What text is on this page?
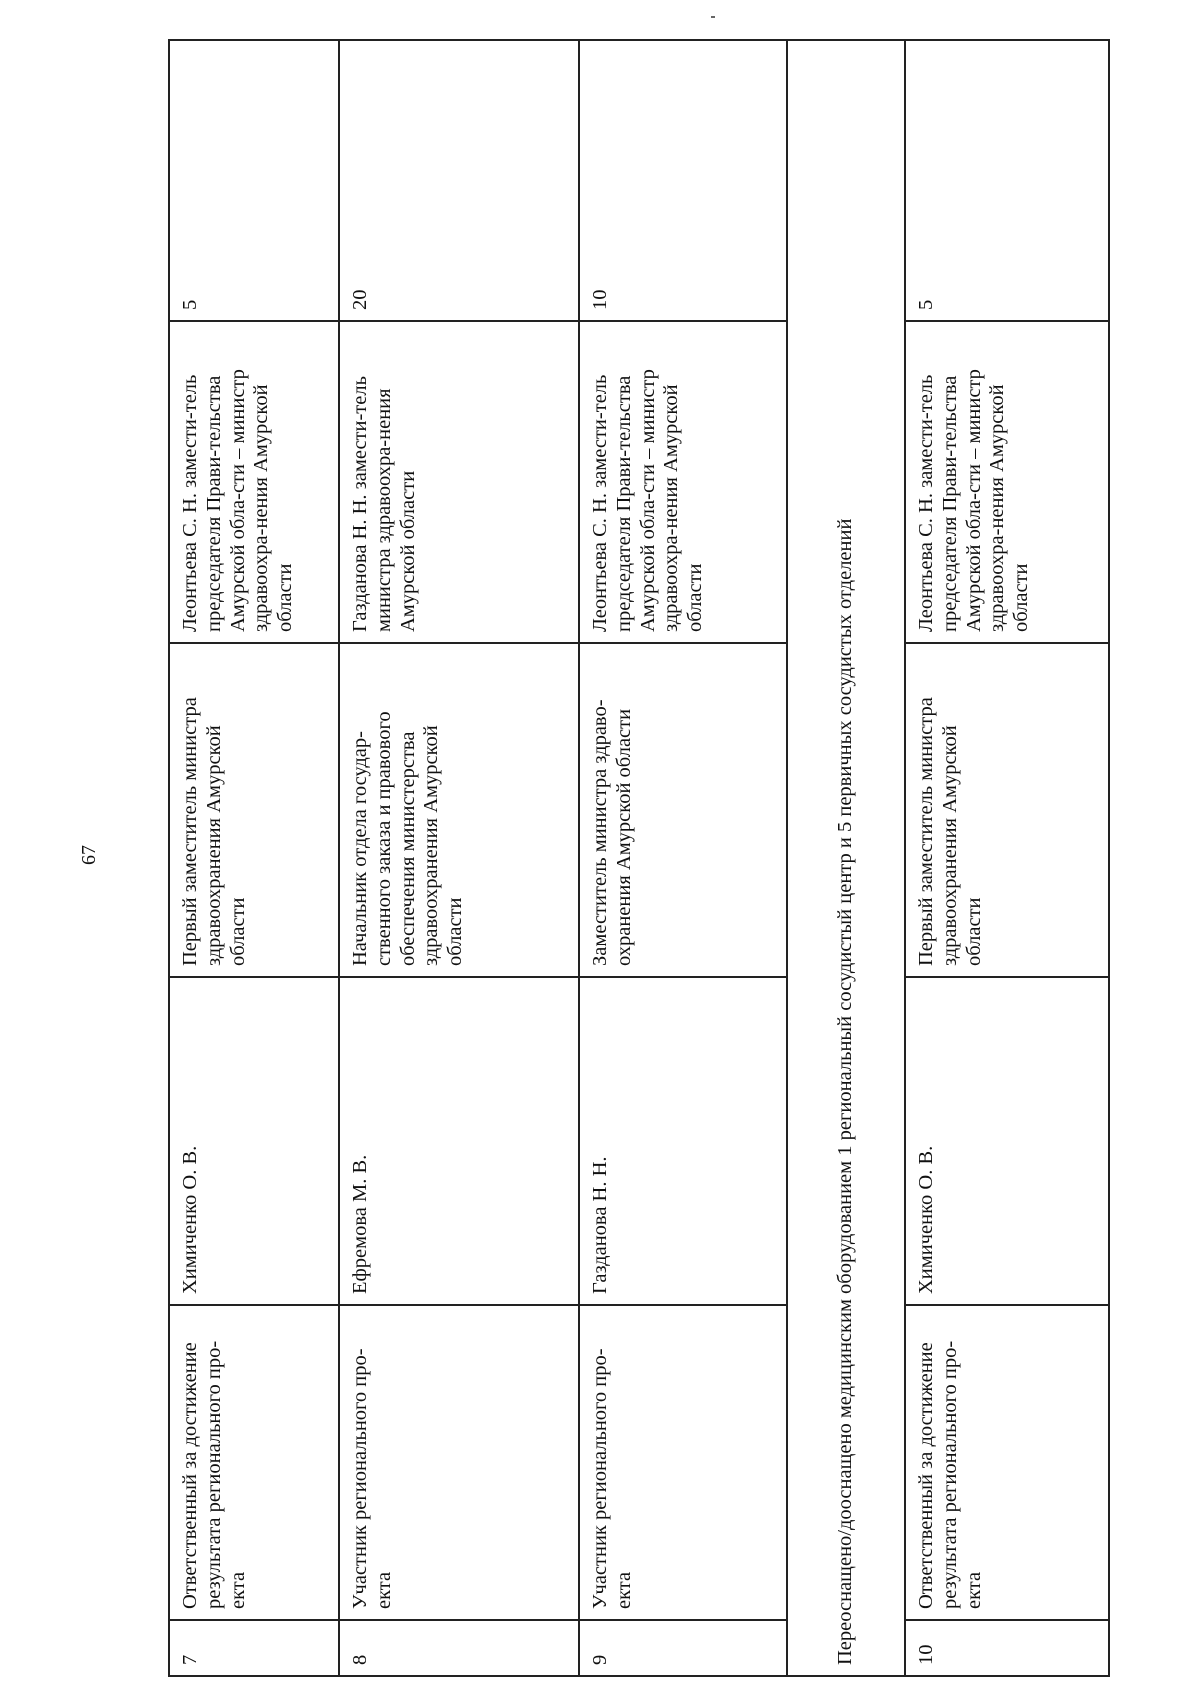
67
7	Ответственный за достижение результата регионального про-екта	Химиченко О. В.	Первый заместитель министра здравоохранения Амурской области	Леонтьева С. Н. замести-тель председателя Прави-тельства Амурской обла-сти – министр здравоохра-нения Амурской области	5
8	Участник регионального про-екта	Ефремова М. В.	Начальник отдела государ-ственного заказа и правового обеспечения министерства здравоохранения Амурской области	Газданова Н. Н. замести-тель министра здравоохра-нения Амурской области	20
9	Участник регионального про-екта	Газданова Н. Н.	Заместитель министра здраво-охранения Амурской области	Леонтьева С. Н. замести-тель председателя Прави-тельства Амурской обла-сти – министр здравоохра-нения Амурской области	10
Переоснащено/дооснащено медицинским оборудованием 1 региональный сосудистый центр и 5 первичных сосудистых отделений					
10	Ответственный за достижение результата регионального про-екта	Химиченко О. В.	Первый заместитель министра здравоохранения Амурской области	Леонтьева С. Н. замести-тель председателя Прави-тельства Амурской обла-сти – министр здравоохра-нения Амурской области	5
